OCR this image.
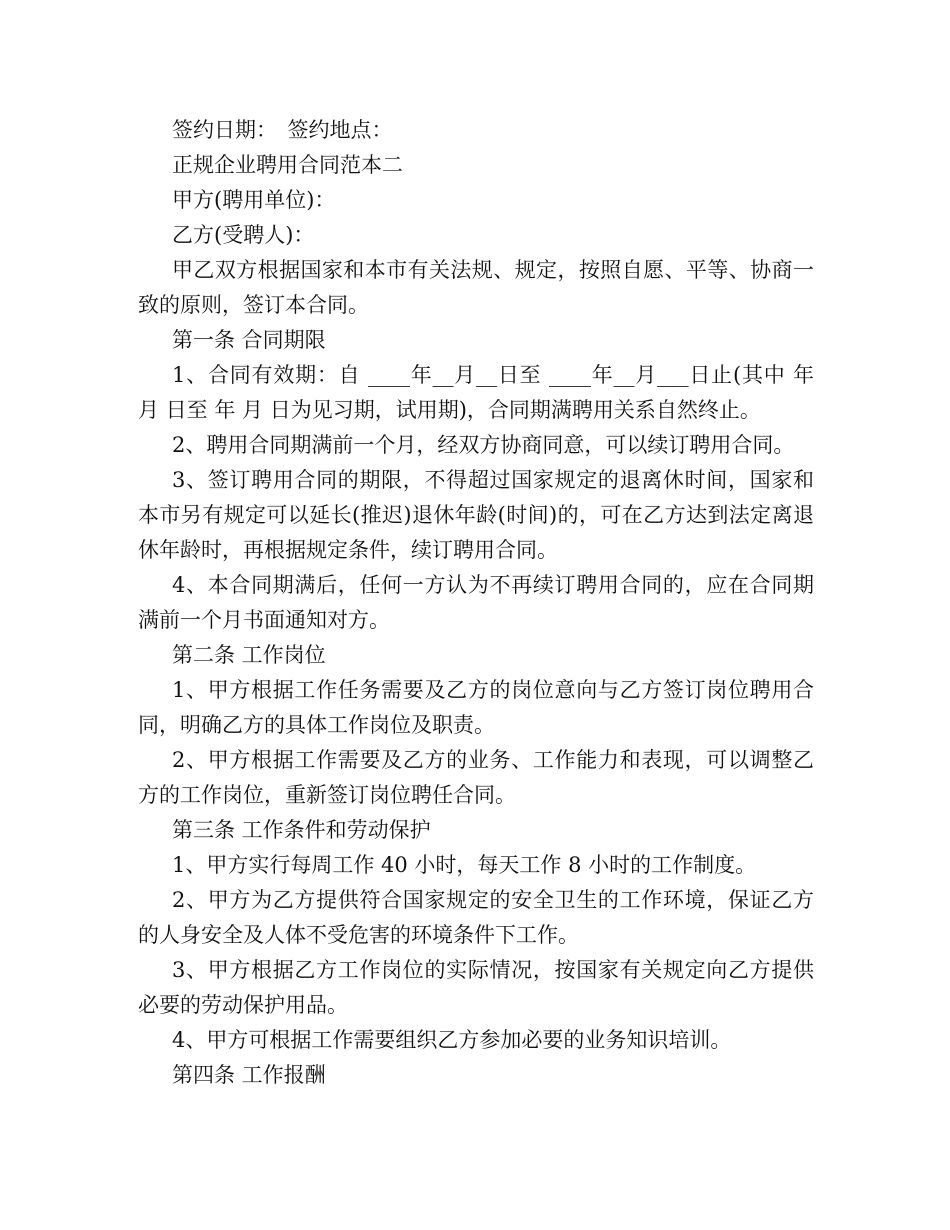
签约日期：　签约地点：

正规企业聘用合同范本二

甲方(聘用单位)：

乙方(受聘人)：

甲乙双方根据国家和本市有关法规、规定，按照自愿、平等、协商一致的原则，签订本合同。

第一条 合同期限

1、合同有效期：自 ____年__月__日至 ____年__月___日止(其中 年 月 日至 年 月 日为见习期，试用期)，合同期满聘用关系自然终止。

2、聘用合同期满前一个月，经双方协商同意，可以续订聘用合同。

3、签订聘用合同的期限，不得超过国家规定的退离休时间，国家和本市另有规定可以延长(推迟)退休年龄(时间)的，可在乙方达到法定离退休年龄时，再根据规定条件，续订聘用合同。

4、本合同期满后，任何一方认为不再续订聘用合同的，应在合同期满前一个月书面通知对方。

第二条 工作岗位

1、甲方根据工作任务需要及乙方的岗位意向与乙方签订岗位聘用合同，明确乙方的具体工作岗位及职责。

2、甲方根据工作需要及乙方的业务、工作能力和表现，可以调整乙方的工作岗位，重新签订岗位聘任合同。

第三条 工作条件和劳动保护

1、甲方实行每周工作 40 小时，每天工作 8 小时的工作制度。

2、甲方为乙方提供符合国家规定的安全卫生的工作环境，保证乙方的人身安全及人体不受危害的环境条件下工作。

3、甲方根据乙方工作岗位的实际情况，按国家有关规定向乙方提供必要的劳动保护用品。

4、甲方可根据工作需要组织乙方参加必要的业务知识培训。

第四条 工作报酬
